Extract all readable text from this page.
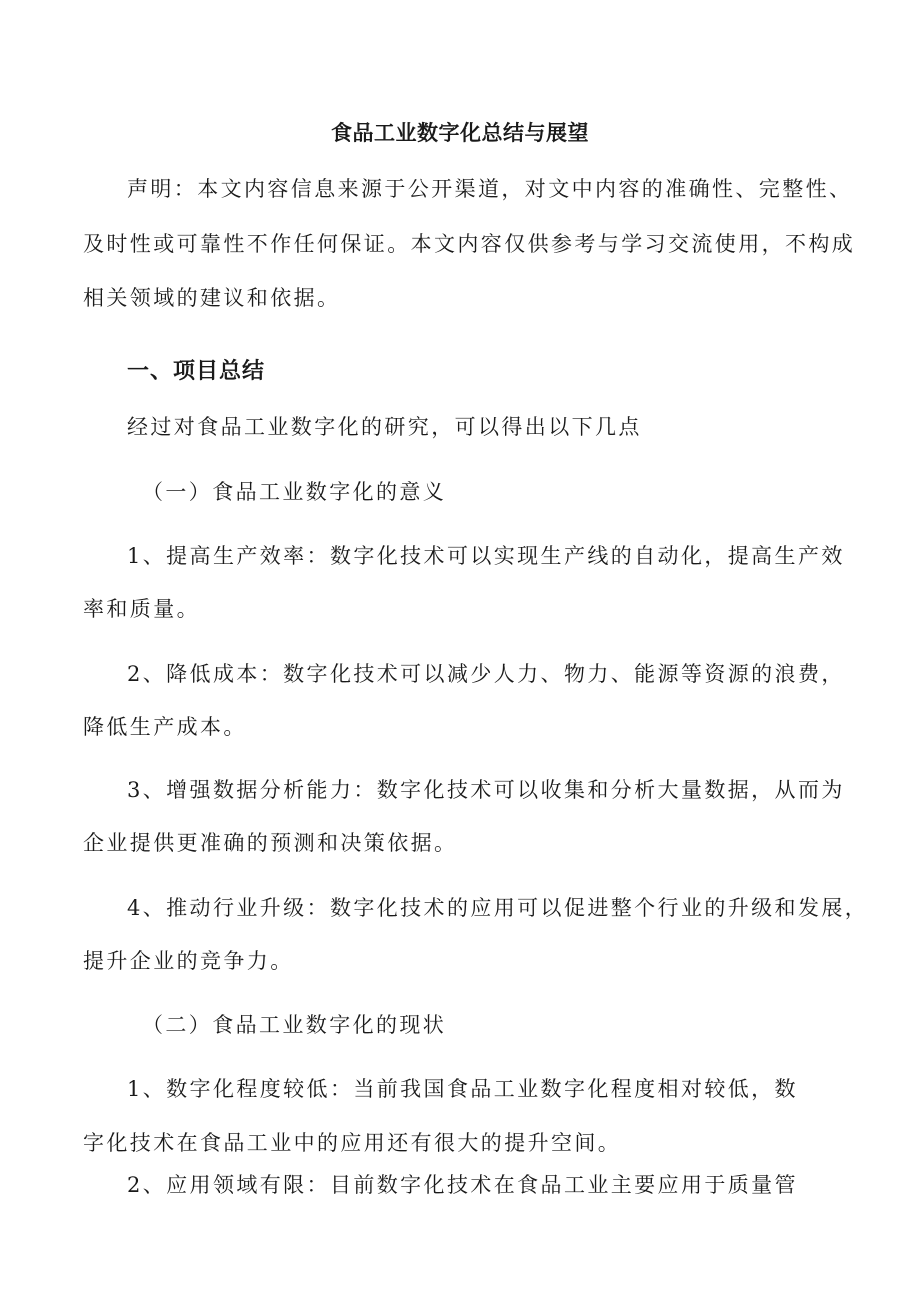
食品工业数字化总结与展望

声明：本文内容信息来源于公开渠道，对文中内容的准确性、完整性、

及时性或可靠性不作任何保证。本文内容仅供参考与学习交流使用，不构成

相关领域的建议和依据。

一、项目总结

经过对食品工业数字化的研究，可以得出以下几点

（一）食品工业数字化的意义

1、提高生产效率：数字化技术可以实现生产线的自动化，提高生产效

率和质量。

2、降低成本：数字化技术可以减少人力、物力、能源等资源的浪费，

降低生产成本。

3、增强数据分析能力：数字化技术可以收集和分析大量数据，从而为

企业提供更准确的预测和决策依据。

4、推动行业升级：数字化技术的应用可以促进整个行业的升级和发展，

提升企业的竞争力。

（二）食品工业数字化的现状

1、数字化程度较低：当前我国食品工业数字化程度相对较低，数

字化技术在食品工业中的应用还有很大的提升空间。

2、应用领域有限：目前数字化技术在食品工业主要应用于质量管
